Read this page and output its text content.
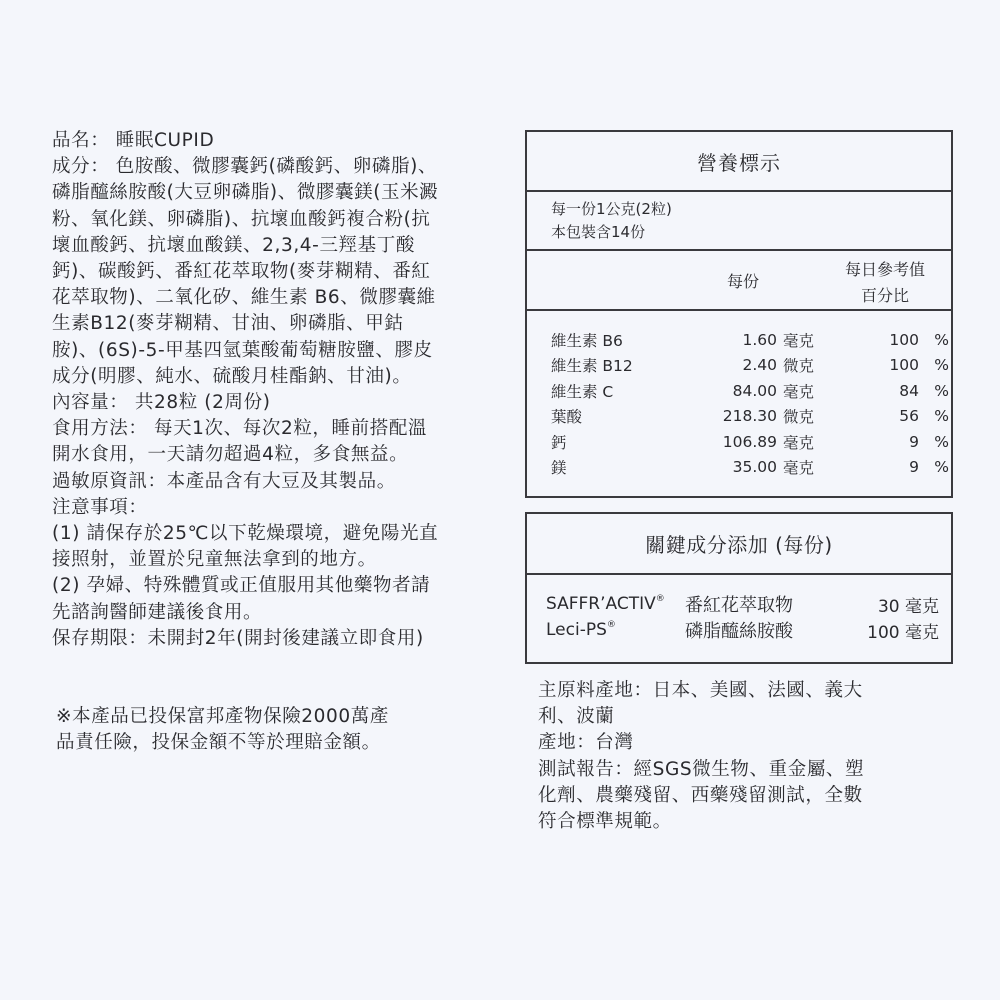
品名： 睡眠CUPID

成分： 色胺酸、微膠囊鈣(磷酸鈣、卵磷脂)、

磷脂醯絲胺酸(大豆卵磷脂)、微膠囊鎂(玉米澱

粉、氧化鎂、卵磷脂)、抗壞血酸鈣複合粉(抗

壞血酸鈣、抗壞血酸鎂、2,3,4-三羥基丁酸

鈣)、碳酸鈣、番紅花萃取物(麥芽糊精、番紅

花萃取物)、二氧化矽、維生素 B6、微膠囊維

生素B12(麥芽糊精、甘油、卵磷脂、甲鈷

胺)、(6S)-5-甲基四氫葉酸葡萄糖胺鹽、膠皮

成分(明膠、純水、硫酸月桂酯鈉、甘油)。

內容量： 共28粒 (2周份)

食用方法： 每天1次、每次2粒，睡前搭配溫

開水食用，一天請勿超過4粒，多食無益。

過敏原資訊：本產品含有大豆及其製品。

注意事項：

(1) 請保存於25℃以下乾燥環境，避免陽光直

接照射，並置於兒童無法拿到的地方。

(2) 孕婦、特殊體質或正值服用其他藥物者請

先諮詢醫師建議後食用。

保存期限：未開封2年(開封後建議立即食用)

※本產品已投保富邦產物保險2000萬產

品責任險，投保金額不等於理賠金額。

營養標示
每一份1公克(2粒)
本包裝含14份
每份
每日參考值
百分比
維生素 B6	1.60 毫克	100 %
維生素 B12	2.40 微克	100 %
維生素 C	84.00 毫克	84 %
葉酸	218.30 微克	56 %
鈣	106.89 毫克	9 %
鎂	35.00 毫克	9 %
關鍵成分添加 (每份)
SAFFR’ACTIV®	番紅花萃取物	30 毫克
Leci-PS®	磷脂醯絲胺酸	100 毫克

主原料產地：日本、美國、法國、義大

利、波蘭

產地：台灣

測試報告：經SGS微生物、重金屬、塑

化劑、農藥殘留、西藥殘留測試，全數

符合標準規範。
